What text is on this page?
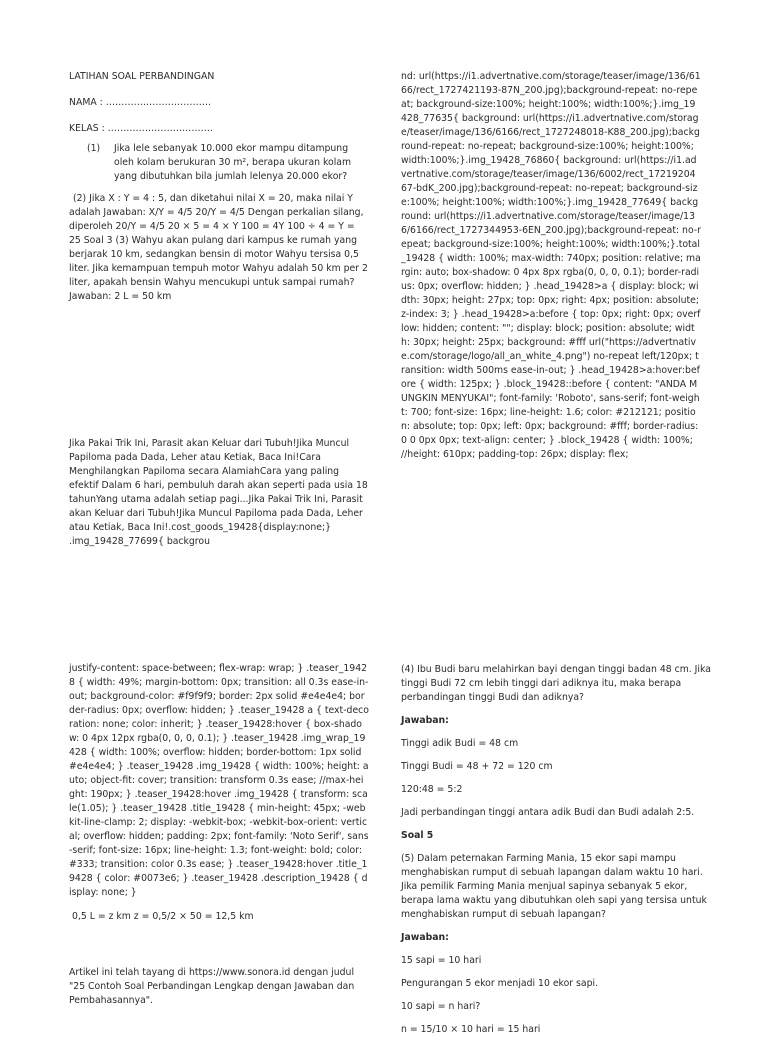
LATIHAN SOAL PERBANDINGAN

NAMA : …………………………….

KELAS : …………………………….

(1)	Jika lele sebanyak 10.000 ekor mampu ditampung oleh kolam berukuran 30 m², berapa ukuran kolam yang dibutuhkan bila jumlah lelenya 20.000 ekor?

(2) Jika X : Y = 4 : 5, dan diketahui nilai X = 20, maka nilai Y adalah Jawaban: X/Y = 4/5 20/Y = 4/5 Dengan perkalian silang, diperoleh 20/Y = 4/5 20 × 5 = 4 × Y 100 = 4Y 100 ÷ 4 = Y = 25 Soal 3 (3) Wahyu akan pulang dari kampus ke rumah yang berjarak 10 km, sedangkan bensin di motor Wahyu tersisa 0,5 liter. Jika kemampuan tempuh motor Wahyu adalah 50 km per 2 liter, apakah bensin Wahyu mencukupi untuk sampai rumah? Jawaban: 2 L = 50 km

Jika Pakai Trik Ini, Parasit akan Keluar dari Tubuh!Jika Muncul Papiloma pada Dada, Leher atau Ketiak, Baca Ini!Cara Menghilangkan Papiloma secara AlamiahCara yang paling efektif Dalam 6 hari, pembuluh darah akan seperti pada usia 18 tahunYang utama adalah setiap pagi...Jika Pakai Trik Ini, Parasit akan Keluar dari Tubuh!Jika Muncul Papiloma pada Dada, Leher atau Ketiak, Baca Ini!.cost_goods_19428{display:none;} .img_19428_77699{ backgrou

nd: url(https://i1.advertnative.com/storage/teaser/image/136/6166/rect_1727421193-87N_200.jpg);background-repeat: no-repeat; background-size:100%; height:100%; width:100%;}.img_19428_77635{ background: url(https://i1.advertnative.com/storage/teaser/image/136/6166/rect_1727248018-K88_200.jpg);background-repeat: no-repeat; background-size:100%; height:100%; width:100%;}.img_19428_76860{ background: url(https://i1.advertnative.com/storage/teaser/image/136/6002/rect_1721920467-bdK_200.jpg);background-repeat: no-repeat; background-size:100%; height:100%; width:100%;}.img_19428_77649{ background: url(https://i1.advertnative.com/storage/teaser/image/136/6166/rect_1727344953-6EN_200.jpg);background-repeat: no-repeat; background-size:100%; height:100%; width:100%;}.total_19428 { width: 100%; max-width: 740px; position: relative; margin: auto; box-shadow: 0 4px 8px rgba(0, 0, 0, 0.1); border-radius: 0px; overflow: hidden; } .head_19428>a { display: block; width: 30px; height: 27px; top: 0px; right: 4px; position: absolute; z-index: 3; } .head_19428>a:before { top: 0px; right: 0px; overflow: hidden; content: ""; display: block; position: absolute; width: 30px; height: 25px; background: #fff url("https://advertnative.com/storage/logo/all_an_white_4.png") no-repeat left/120px; transition: width 500ms ease-in-out; } .head_19428>a:hover:before { width: 125px; } .block_19428::before { content: "ANDA MUNGKIN MENYUKAI"; font-family: 'Roboto', sans-serif; font-weight: 700; font-size: 16px; line-height: 1.6; color: #212121; position: absolute; top: 0px; left: 0px; background: #fff; border-radius: 0 0 0px 0px; text-align: center; } .block_19428 { width: 100%; //height: 610px; padding-top: 26px; display: flex;

justify-content: space-between; flex-wrap: wrap; } .teaser_19428 { width: 49%; margin-bottom: 0px; transition: all 0.3s ease-in-out; background-color: #f9f9f9; border: 2px solid #e4e4e4; border-radius: 0px; overflow: hidden; } .teaser_19428 a { text-decoration: none; color: inherit; } .teaser_19428:hover { box-shadow: 0 4px 12px rgba(0, 0, 0, 0.1); } .teaser_19428 .img_wrap_19428 { width: 100%; overflow: hidden; border-bottom: 1px solid #e4e4e4; } .teaser_19428 .img_19428 { width: 100%; height: auto; object-fit: cover; transition: transform 0.3s ease; //max-height: 190px; } .teaser_19428:hover .img_19428 { transform: scale(1.05); } .teaser_19428 .title_19428 { min-height: 45px; -webkit-line-clamp: 2; display: -webkit-box; -webkit-box-orient: vertical; overflow: hidden; padding: 2px; font-family: 'Noto Serif', sans-serif; font-size: 16px; line-height: 1.3; font-weight: bold; color: #333; transition: color 0.3s ease; } .teaser_19428:hover .title_19428 { color: #0073e6; } .teaser_19428 .description_19428 { display: none; }

0,5 L = z km z = 0,5/2 × 50 = 12,5 km

Artikel ini telah tayang di https://www.sonora.id dengan judul "25 Contoh Soal Perbandingan Lengkap dengan Jawaban dan Pembahasannya".

(4) Ibu Budi baru melahirkan bayi dengan tinggi badan 48 cm. Jika tinggi Budi 72 cm lebih tinggi dari adiknya itu, maka berapa perbandingan tinggi Budi dan adiknya?

Jawaban:

Tinggi adik Budi = 48 cm

Tinggi Budi = 48 + 72 = 120 cm

120:48 = 5:2

Jadi perbandingan tinggi antara adik Budi dan Budi adalah 2:5.

Soal 5

(5) Dalam peternakan Farming Mania, 15 ekor sapi mampu menghabiskan rumput di sebuah lapangan dalam waktu 10 hari. Jika pemilik Farming Mania menjual sapinya sebanyak 5 ekor, berapa lama waktu yang dibutuhkan oleh sapi yang tersisa untuk menghabiskan rumput di sebuah lapangan?

Jawaban:

15 sapi = 10 hari

Pengurangan 5 ekor menjadi 10 ekor sapi.

10 sapi = n hari?

n = 15/10 × 10 hari = 15 hari
